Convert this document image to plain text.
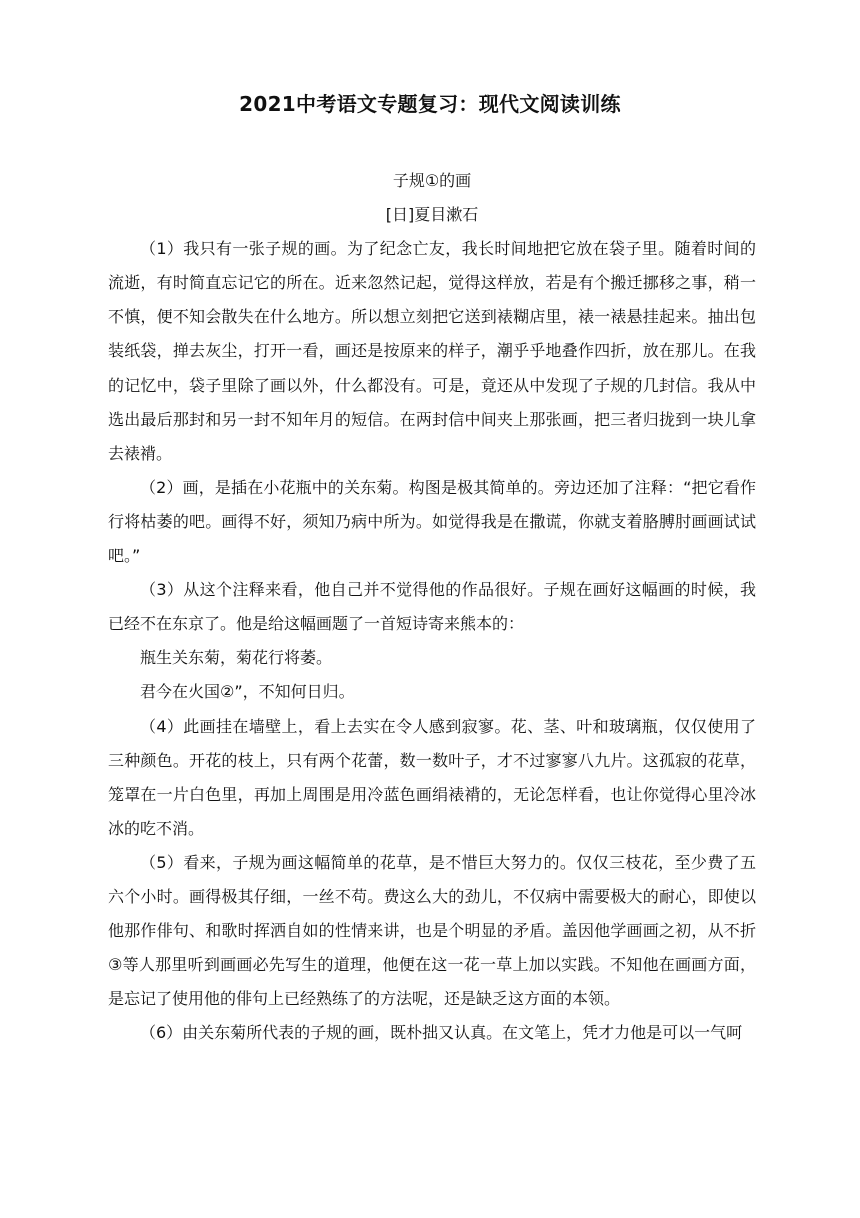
2021中考语文专题复习：现代文阅读训练

子规①的画

[日]夏目漱石

（1）我只有一张子规的画。为了纪念亡友，我长时间地把它放在袋子里。随着时间的流逝，有时简直忘记它的所在。近来忽然记起，觉得这样放，若是有个搬迁挪移之事，稍一不慎，便不知会散失在什么地方。所以想立刻把它送到裱糊店里，裱一裱悬挂起来。抽出包装纸袋，掸去灰尘，打开一看，画还是按原来的样子，潮乎乎地叠作四折，放在那儿。在我的记忆中，袋子里除了画以外，什么都没有。可是，竟还从中发现了子规的几封信。我从中选出最后那封和另一封不知年月的短信。在两封信中间夹上那张画，把三者归拢到一块儿拿去裱褙。

（2）画，是插在小花瓶中的关东菊。构图是极其简单的。旁边还加了注释：“把它看作行将枯萎的吧。画得不好，须知乃病中所为。如觉得我是在撒谎，你就支着胳膊肘画画试试吧。”

（3）从这个注释来看，他自己并不觉得他的作品很好。子规在画好这幅画的时候，我已经不在东京了。他是给这幅画题了一首短诗寄来熊本的：

瓶生关东菊，菊花行将萎。

君今在火国②”，不知何日归。

（4）此画挂在墙壁上，看上去实在令人感到寂寥。花、茎、叶和玻璃瓶，仅仅使用了三种颜色。开花的枝上，只有两个花蕾，数一数叶子，才不过寥寥八九片。这孤寂的花草，笼罩在一片白色里，再加上周围是用冷蓝色画绢裱褙的，无论怎样看，也让你觉得心里冷冰冰的吃不消。

（5）看来，子规为画这幅简单的花草，是不惜巨大努力的。仅仅三枝花，至少费了五六个小时。画得极其仔细，一丝不苟。费这么大的劲儿，不仅病中需要极大的耐心，即使以他那作俳句、和歌时挥洒自如的性情来讲，也是个明显的矛盾。盖因他学画画之初，从不折③等人那里听到画画必先写生的道理，他便在这一花一草上加以实践。不知他在画画方面，是忘记了使用他的俳句上已经熟练了的方法呢，还是缺乏这方面的本领。

（6）由关东菊所代表的子规的画，既朴拙又认真。在文笔上，凭才力他是可以一气呵
